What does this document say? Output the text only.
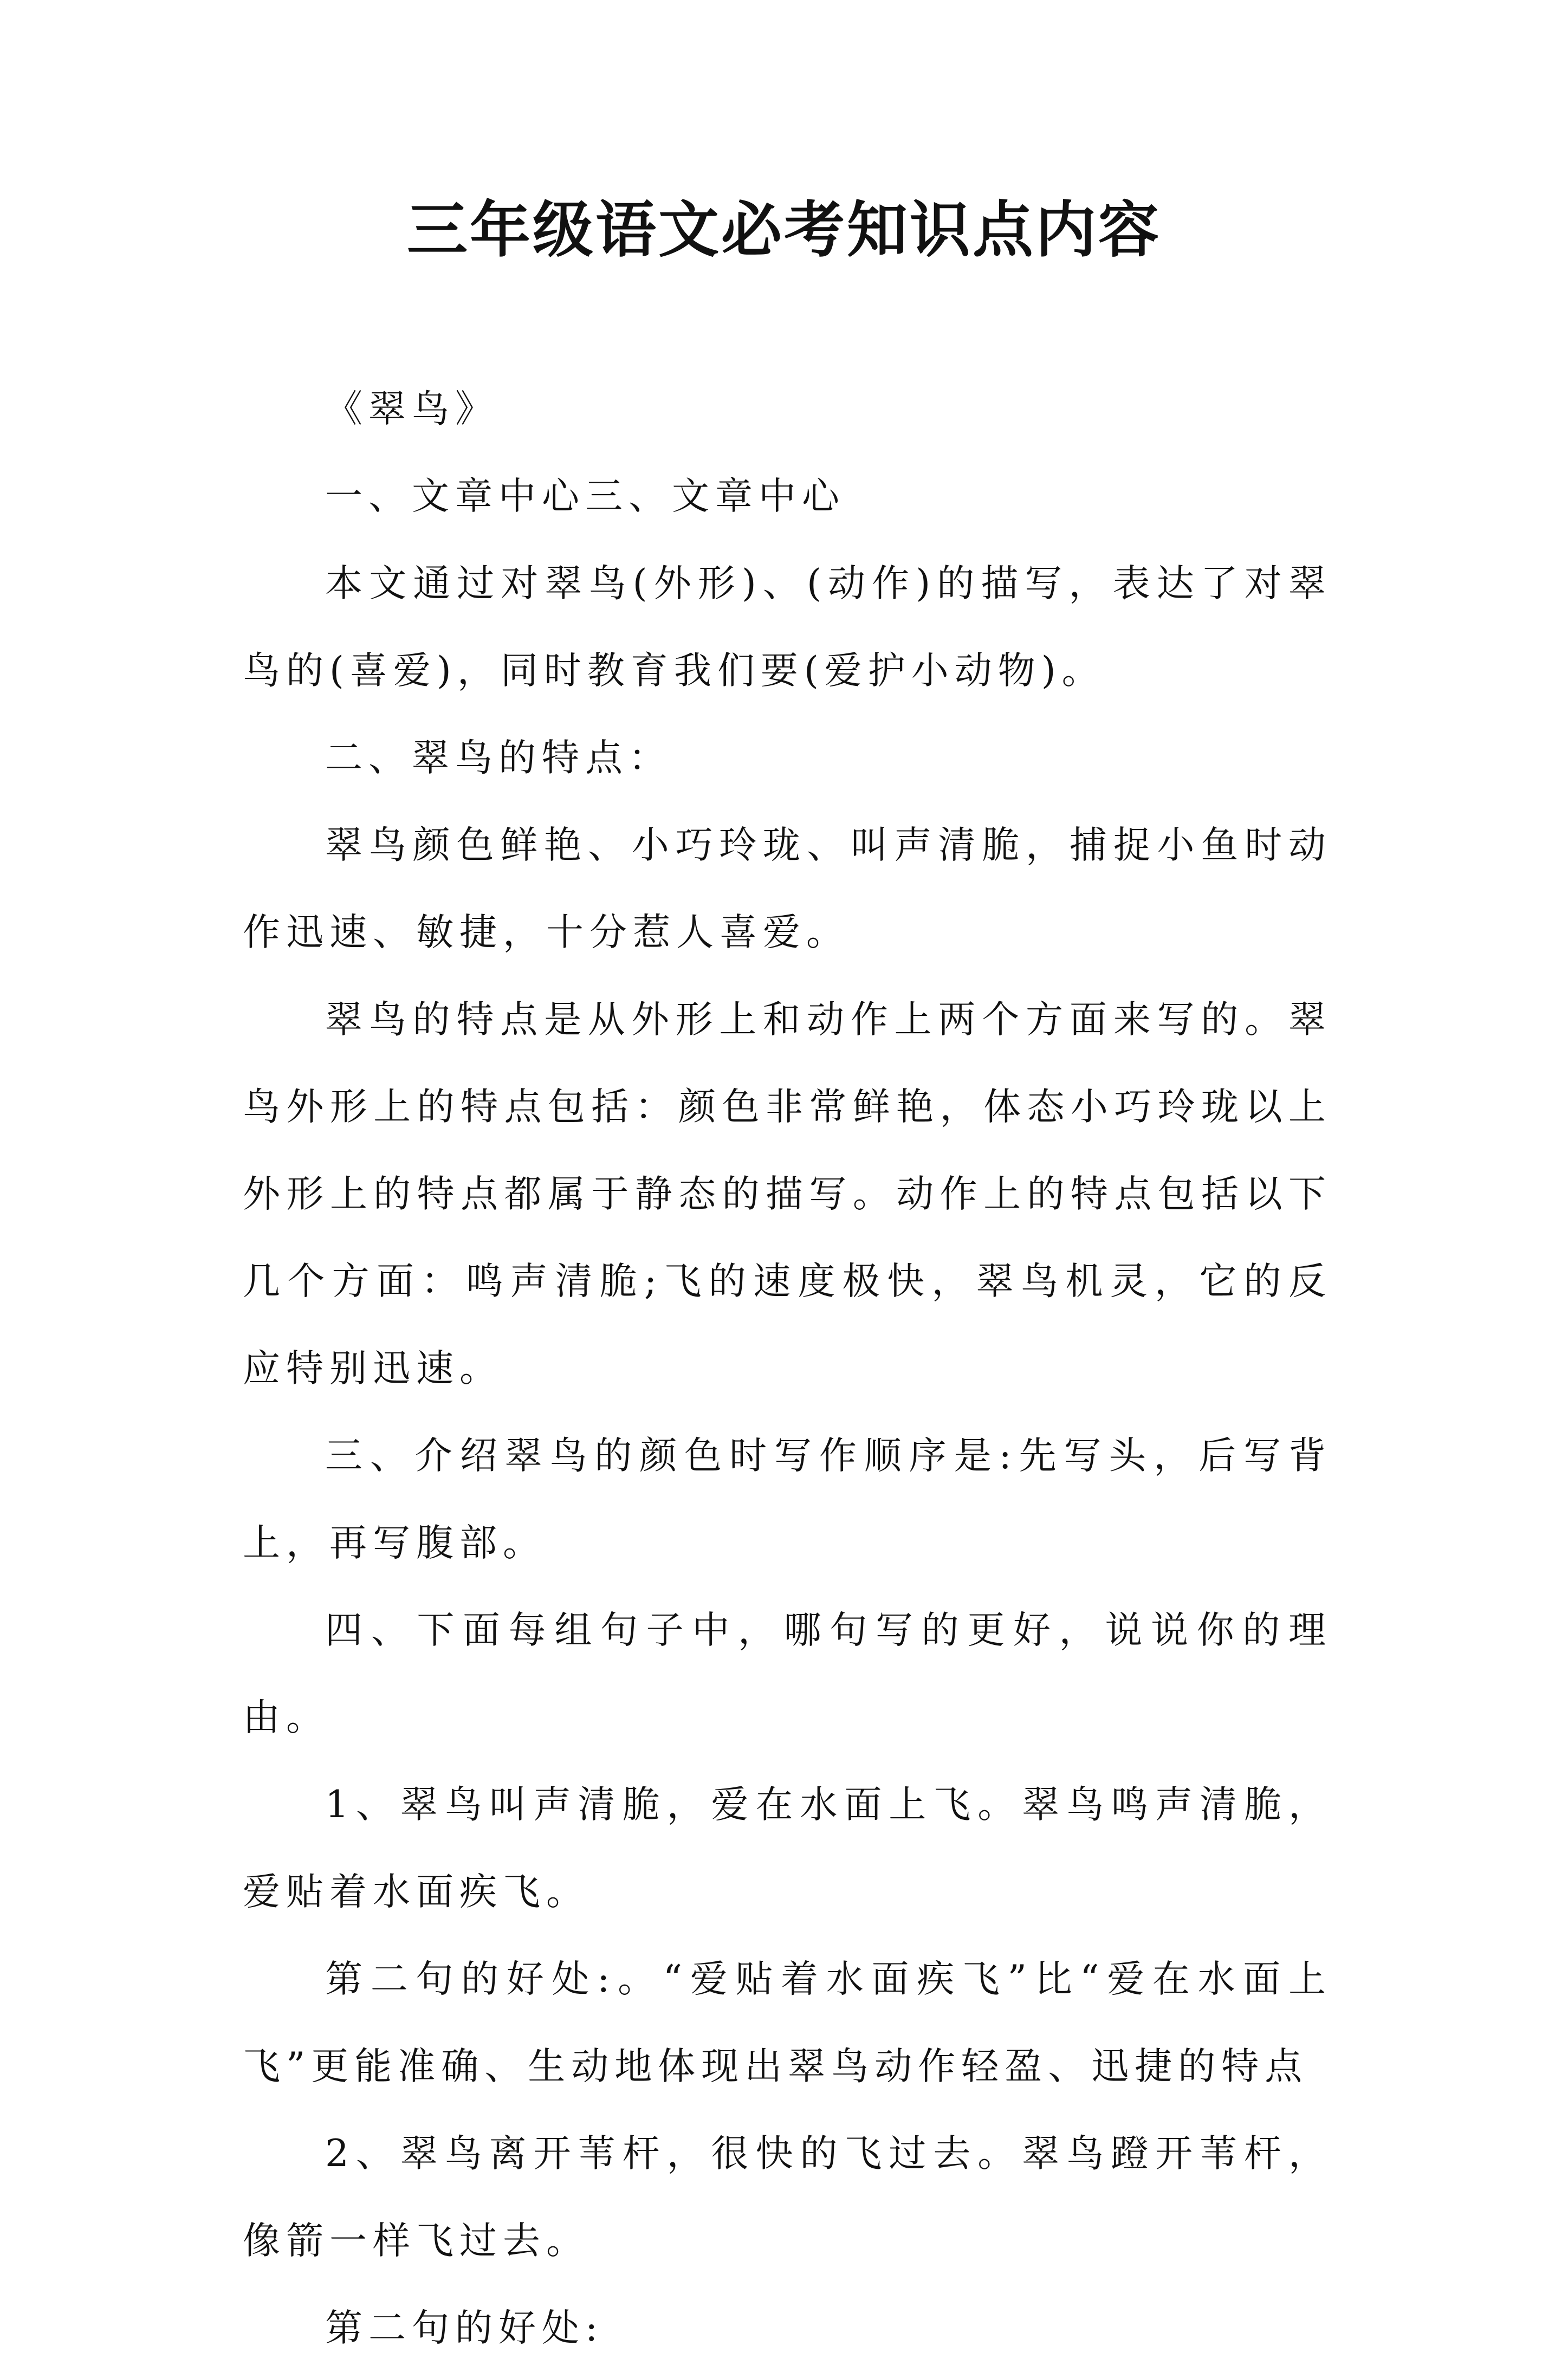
三年级语文必考知识点内容

《翠鸟》

一、文章中心三、文章中心

本文通过对翠鸟(外形)、(动作)的描写，表达了对翠鸟的(喜爱)，同时教育我们要(爱护小动物)。

二、翠鸟的特点：

翠鸟颜色鲜艳、小巧玲珑、叫声清脆，捕捉小鱼时动作迅速、敏捷，十分惹人喜爱。

翠鸟的特点是从外形上和动作上两个方面来写的。翠鸟外形上的特点包括：颜色非常鲜艳，体态小巧玲珑以上外形上的特点都属于静态的描写。动作上的特点包括以下几个方面：鸣声清脆;飞的速度极快，翠鸟机灵，它的反应特别迅速。

三、介绍翠鸟的颜色时写作顺序是:先写头，后写背上，再写腹部。

四、下面每组句子中，哪句写的更好，说说你的理由。

1、翠鸟叫声清脆，爱在水面上飞。翠鸟鸣声清脆，爱贴着水面疾飞。

第二句的好处:。“爱贴着水面疾飞”比“爱在水面上飞”更能准确、生动地体现出翠鸟动作轻盈、迅捷的特点

2、翠鸟离开苇杆，很快的飞过去。翠鸟蹬开苇杆，像箭一样飞过去。

第二句的好处:
